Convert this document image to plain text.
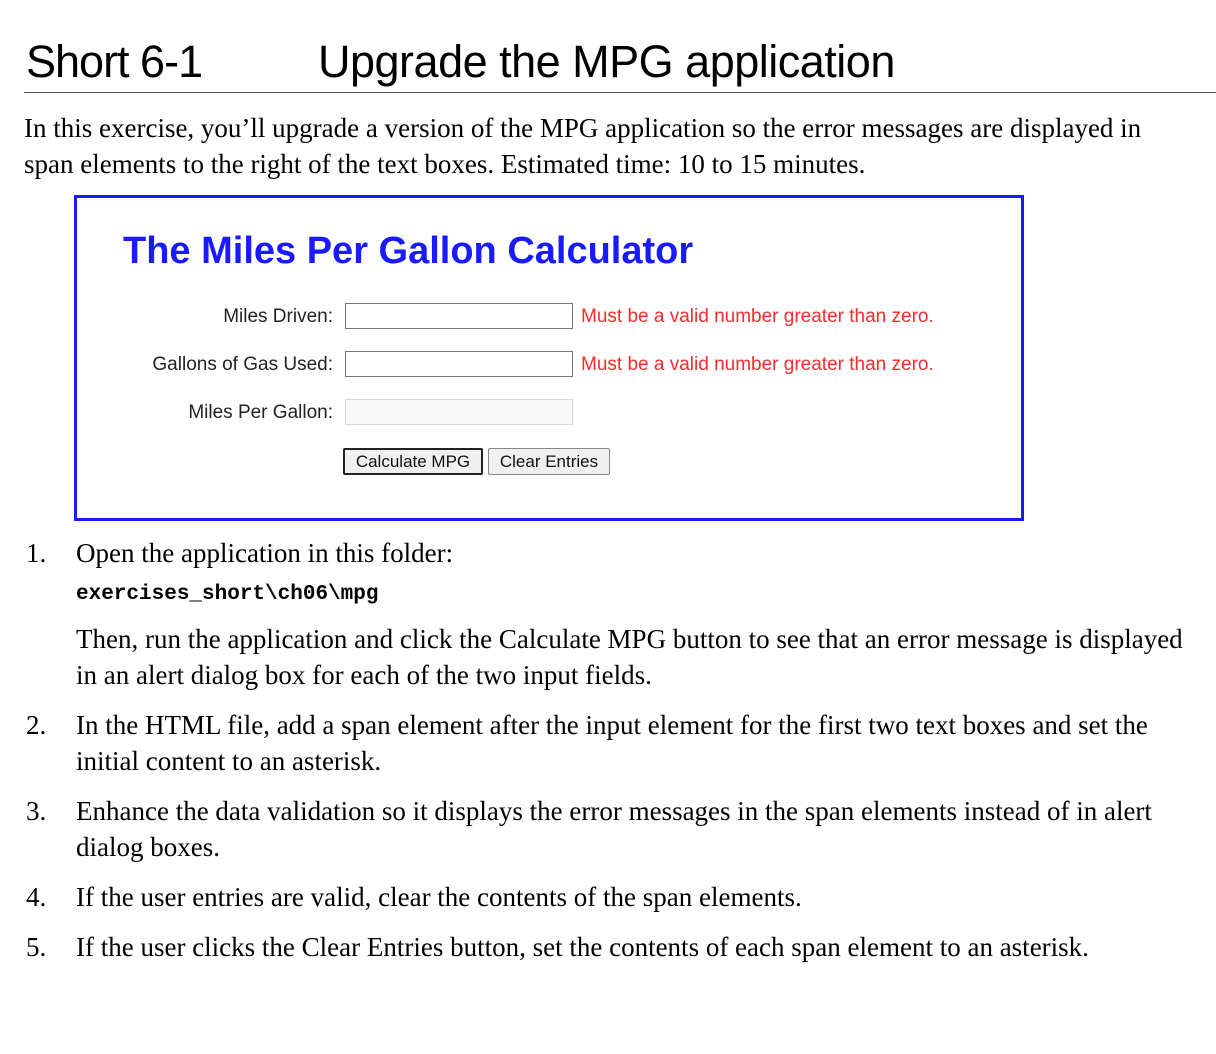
Short 6-1	Upgrade the MPG application
In this exercise, you’ll upgrade a version of the MPG application so the error messages are displayed in span elements to the right of the text boxes. Estimated time: 10 to 15 minutes.
The Miles Per Gallon Calculator
Miles Driven:	Must be a valid number greater than zero.
Gallons of Gas Used:	Must be a valid number greater than zero.
Miles Per Gallon:
Calculate MPG	Clear Entries
1. Open the application in this folder:
exercises_short\ch06\mpg
Then, run the application and click the Calculate MPG button to see that an error message is displayed in an alert dialog box for each of the two input fields.
2. In the HTML file, add a span element after the input element for the first two text boxes and set the initial content to an asterisk.
3. Enhance the data validation so it displays the error messages in the span elements instead of in alert dialog boxes.
4. If the user entries are valid, clear the contents of the span elements.
5. If the user clicks the Clear Entries button, set the contents of each span element to an asterisk.
